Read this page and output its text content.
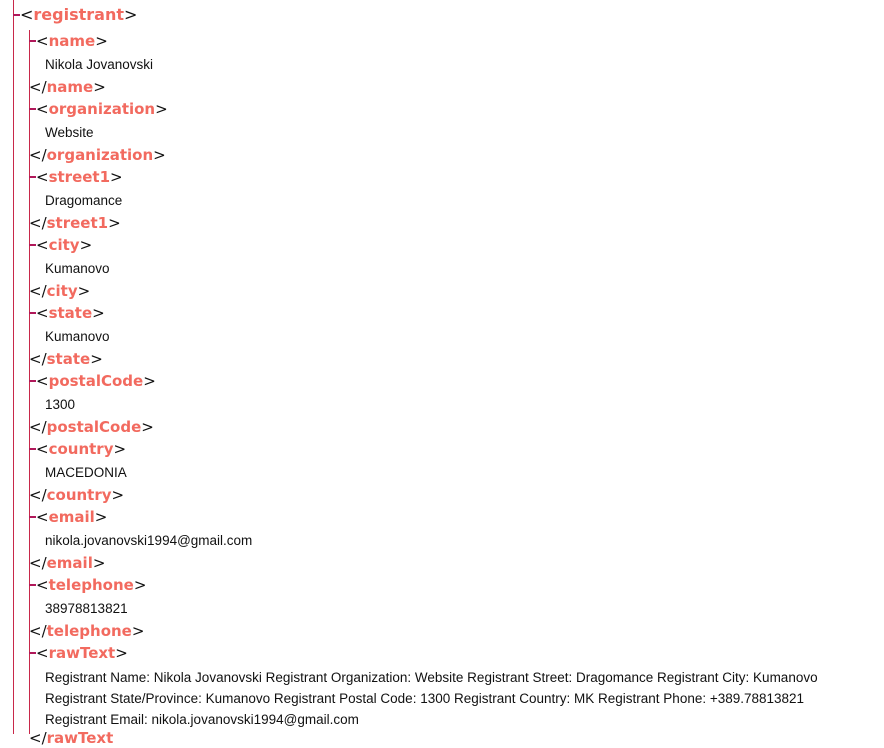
<registrant>
<name>
Nikola Jovanovski
</name>
<organization>
Website
</organization>
<street1>
Dragomance
</street1>
<city>
Kumanovo
</city>
<state>
Kumanovo
</state>
<postalCode>
1300
</postalCode>
<country>
MACEDONIA
</country>
<email>
nikola.jovanovski1994@gmail.com
</email>
<telephone>
38978813821
</telephone>
<rawText>
Registrant Name: Nikola Jovanovski Registrant Organization: Website Registrant Street: Dragomance Registrant City: Kumanovo Registrant State/Province: Kumanovo Registrant Postal Code: 1300 Registrant Country: MK Registrant Phone: +389.78813821 Registrant Email: nikola.jovanovski1994@gmail.com
</rawText
